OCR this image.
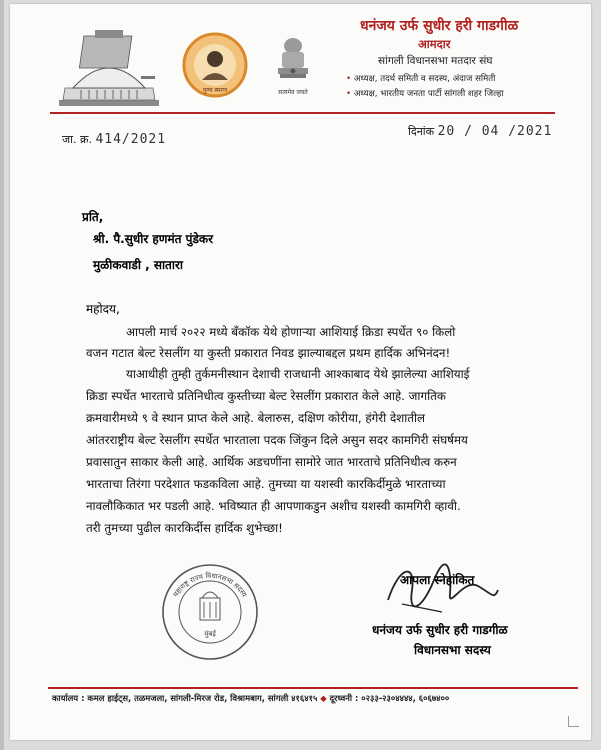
पुण्य स्मरण	सत्यमेव जयते
धनंजय उर्फ सुधीर हरी गाडगीळ
आमदार
सांगली विधानसभा मतदार संघ
• अध्यक्ष, तदर्थ समिती व सदस्य, अंदाज समिती
• अध्यक्ष, भारतीय जनता पार्टी सांगली शहर जिल्हा
जा. क्र. 414/2021
दिनांक 20 / 04 /2021
प्रति,
श्री. पै.सुधीर हणमंत पुंडेकर
मुळीकवाडी , सातारा
महोदय,
आपली मार्च २०२२ मध्ये बँकॉक येथे होणाऱ्या आशियाई क्रिडा स्पर्धेत ९० किलो
वजन गटात बेल्ट रेसलींग या कुस्ती प्रकारात निवड झाल्याबद्दल प्रथम हार्दिक अभिनंदन!
याआधीही तुम्ही तुर्कमनीस्थान देशाची राजधानी आश्काबाद येथे झालेल्या आशियाई
क्रिडा स्पर्धेत भारताचे प्रतिनिधीत्व कुस्तीच्या बेल्ट रेसलींग प्रकारात केले आहे. जागतिक
क्रमवारीमध्ये ९ वे स्थान प्राप्त केले आहे. बेलारुस, दक्षिण कोरीया, हंगेरी देशातील
आंतरराष्ट्रीय बेल्ट रेसलींग स्पर्धेत भारताला पदक जिंकुन दिले असुन सदर कामगिरी संघर्षमय
प्रवासातुन साकार केली आहे. आर्थिक अडचणींना सामोरे जात भारताचे प्रतिनिधीत्व करुन
भारताचा तिरंगा परदेशात फडकविला आहे. तुमच्या या यशस्वी कारकिर्दीमुळे भारताच्या
नावलौकिकात भर पडली आहे. भविष्यात ही आपणाकडुन अशीच यशस्वी कामगिरी व्हावी.
तरी तुमच्या पुढील कारकिर्दीस हार्दिक शुभेच्छा!
महाराष्ट्र राज्य विधानसभा सदस्य
मुंबई
आपला स्नेहांकित
धनंजय उर्फ सुधीर हरी गाडगीळ
विधानसभा सदस्य
कार्यालय : कमल हाईट्स, तळमजला, सांगली-मिरज रोड, विश्रामबाग, सांगली ४१६४१५ ◆ दूरध्वनी : ०२३३-२३०४४४४, ६०६७४००
